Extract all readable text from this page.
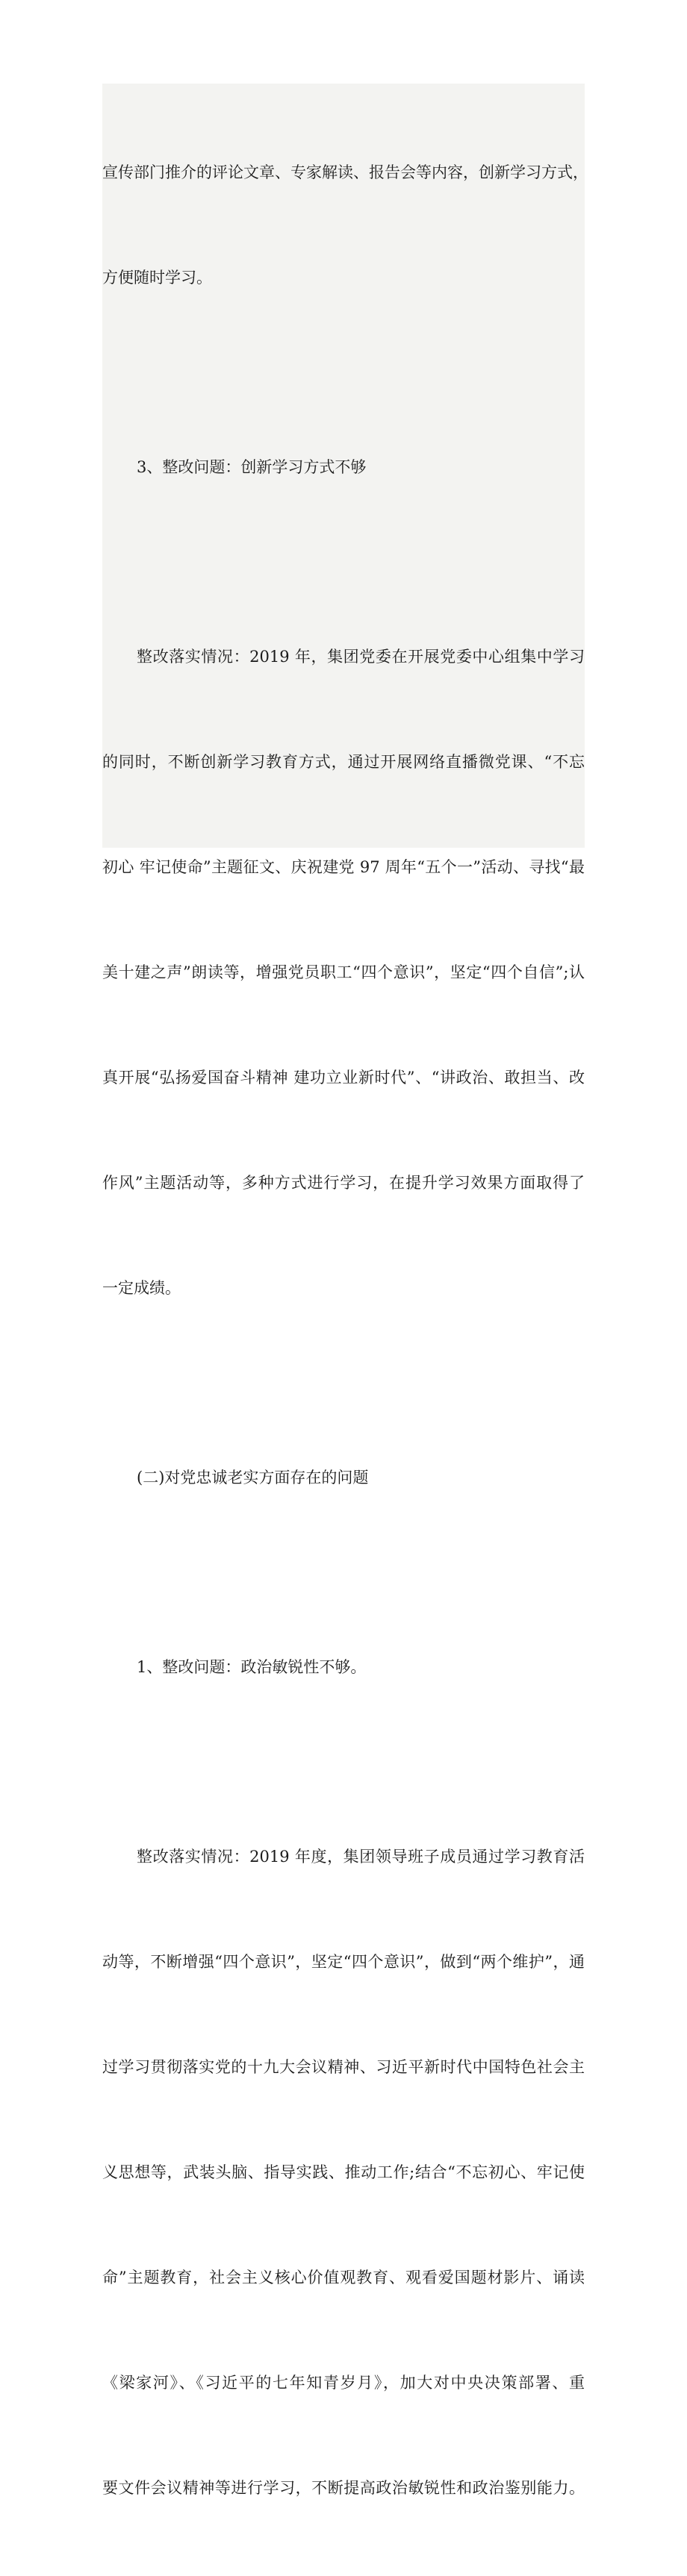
宣传部门推介的评论文章、专家解读、报告会等内容，创新学习方式，

方便随时学习。

3、整改问题：创新学习方式不够

整改落实情况：2019 年，集团党委在开展党委中心组集中学习

的同时，不断创新学习教育方式，通过开展网络直播微党课、“不忘

初心 牢记使命”主题征文、庆祝建党 97 周年“五个一”活动、寻找“最

美十建之声”朗读等，增强党员职工“四个意识”，坚定“四个自信”;认

真开展“弘扬爱国奋斗精神 建功立业新时代”、“讲政治、敢担当、改

作风”主题活动等，多种方式进行学习，在提升学习效果方面取得了

一定成绩。

(二)对党忠诚老实方面存在的问题

1、整改问题：政治敏锐性不够。

整改落实情况：2019 年度，集团领导班子成员通过学习教育活

动等，不断增强“四个意识”，坚定“四个意识”，做到“两个维护”，通

过学习贯彻落实党的十九大会议精神、习近平新时代中国特色社会主

义思想等，武装头脑、指导实践、推动工作;结合“不忘初心、牢记使

命”主题教育，社会主义核心价值观教育、观看爱国题材影片、诵读

《梁家河》、《习近平的七年知青岁月》，加大对中央决策部署、重

要文件会议精神等进行学习，不断提高政治敏锐性和政治鉴别能力。
